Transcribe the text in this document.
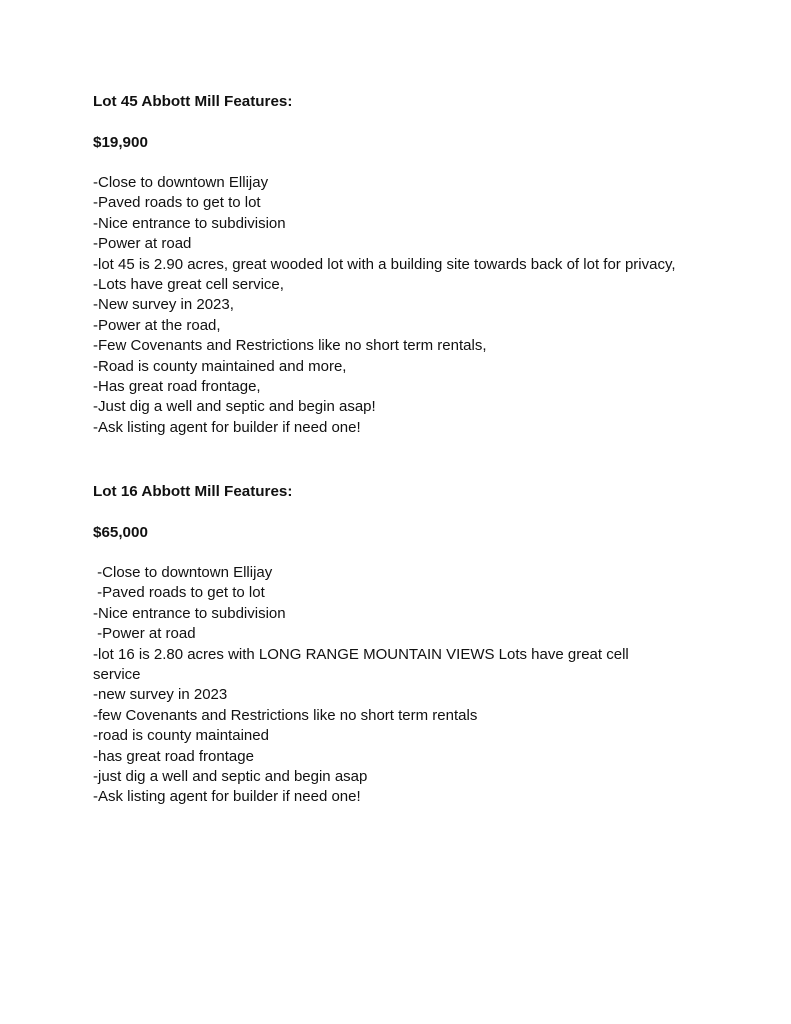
Lot 45 Abbott Mill Features:

$19,900

-Close to downtown Ellijay
-Paved roads to get to lot
-Nice entrance to subdivision
-Power at road
-lot 45 is 2.90 acres, great wooded lot with a building site towards back of lot for privacy,
-Lots have great cell service,
-New survey in 2023,
-Power at the road,
-Few Covenants and Restrictions like no short term rentals,
-Road is county maintained and more,
-Has great road frontage,
-Just dig a well and septic and begin asap!
-Ask listing agent for builder if need one!

Lot 16 Abbott Mill Features:

$65,000

-Close to downtown Ellijay
-Paved roads to get to lot
-Nice entrance to subdivision
-Power at road
-lot 16 is 2.80 acres with LONG RANGE MOUNTAIN VIEWS Lots have great cell service
-new survey in 2023
-few Covenants and Restrictions like no short term rentals
-road is county maintained
-has great road frontage
-just dig a well and septic and begin asap
-Ask listing agent for builder if need one!
